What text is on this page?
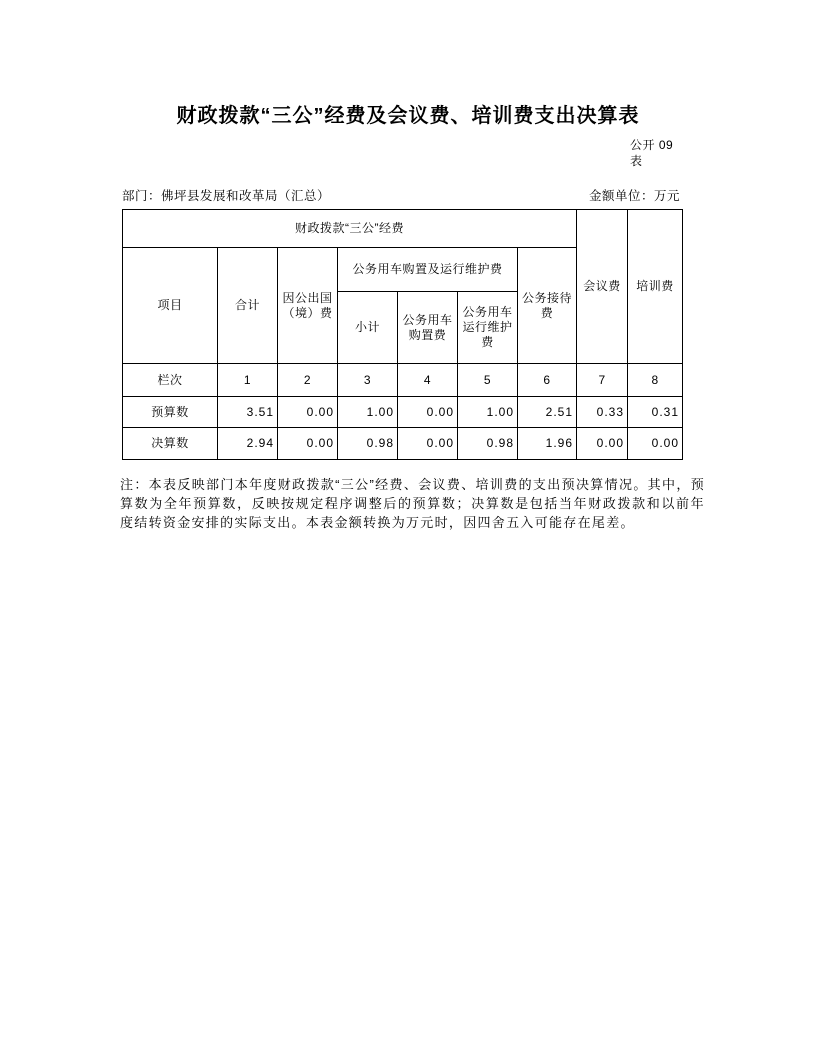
财政拨款“三公”经费及会议费、培训费支出决算表
公开 09表
部门：佛坪县发展和改革局（汇总）	金额单位：万元
财政拨款“三公”经费							会议费	培训费
项目	合计	因公出国（境）费	公务用车购置及运行维护费			公务接待费		
			小计	公务用车购置费	公务用车运行维护费			
栏次	1	2	3	4	5	6	7	8
预算数	3.51	0.00	1.00	0.00	1.00	2.51	0.33	0.31
决算数	2.94	0.00	0.98	0.00	0.98	1.96	0.00	0.00

注：本表反映部门本年度财政拨款“三公”经费、会议费、培训费的支出预决算情况。其中，预算数为全年预算数，反映按规定程序调整后的预算数；决算数是包括当年财政拨款和以前年度结转资金安排的实际支出。本表金额转换为万元时，因四舍五入可能存在尾差。
